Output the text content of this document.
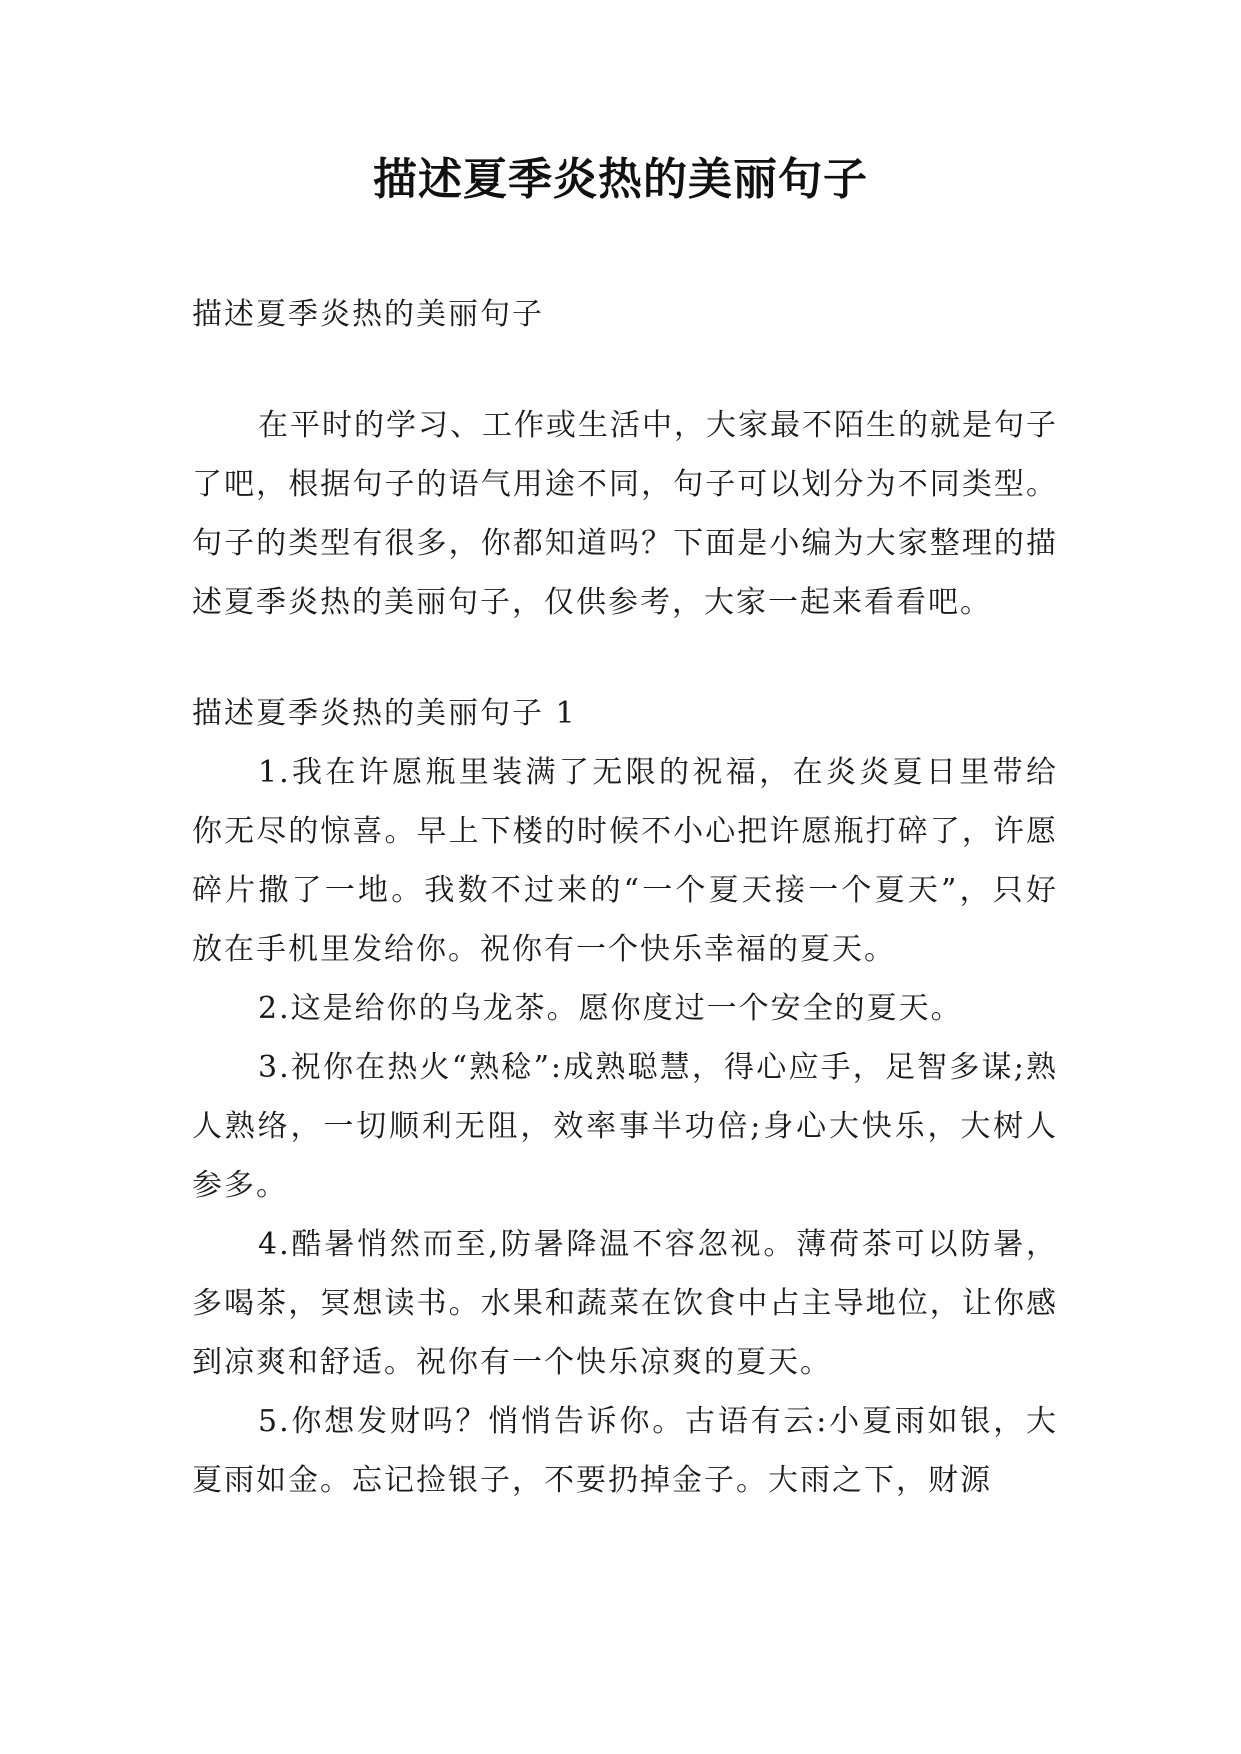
描述夏季炎热的美丽句子

描述夏季炎热的美丽句子

在平时的学习、工作或生活中，大家最不陌生的就是句子了吧，根据句子的语气用途不同，句子可以划分为不同类型。句子的类型有很多，你都知道吗？下面是小编为大家整理的描述夏季炎热的美丽句子，仅供参考，大家一起来看看吧。

描述夏季炎热的美丽句子 1

1.我在许愿瓶里装满了无限的祝福，在炎炎夏日里带给你无尽的惊喜。早上下楼的时候不小心把许愿瓶打碎了，许愿碎片撒了一地。我数不过来的“一个夏天接一个夏天”，只好放在手机里发给你。祝你有一个快乐幸福的夏天。

2.这是给你的乌龙茶。愿你度过一个安全的夏天。

3.祝你在热火“熟稔”:成熟聪慧，得心应手，足智多谋;熟人熟络，一切顺利无阻，效率事半功倍;身心大快乐，大树人参多。

4.酷暑悄然而至,防暑降温不容忽视。薄荷茶可以防暑，多喝茶，冥想读书。水果和蔬菜在饮食中占主导地位，让你感到凉爽和舒适。祝你有一个快乐凉爽的夏天。

5.你想发财吗？悄悄告诉你。古语有云:小夏雨如银，大夏雨如金。忘记捡银子，不要扔掉金子。大雨之下，财源
